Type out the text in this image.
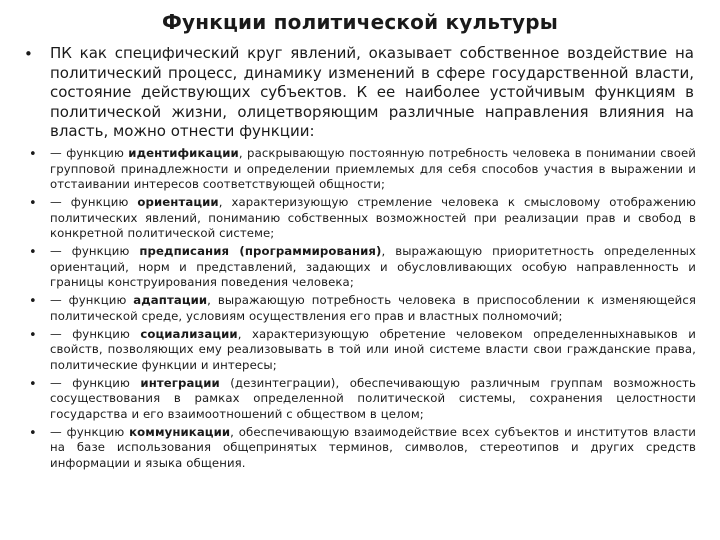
Функции политической культуры
•	ПК как специфический круг явлений, оказывает собственное воздействие на политический процесс, динамику изменений в сфере государственной власти, состояние действующих субъектов. К ее наиболее устойчивым функциям в политической жизни, олицетворяющим различные направления влияния на власть, можно отнести функции:
•	— функцию идентификации, раскрывающую постоянную потребность человека в понимании своей групповой принадлежности и определении приемлемых для себя способов участия в выражении и отстаивании интересов соответствующей общности;
•	— функцию ориентации, характеризующую стремление человека к смысловому отображению политических явлений, пониманию собственных возможностей при реализации прав и свобод в конкретной политической системе;
•	— функцию предписания (программирования), выражающую приоритетность определенных ориентаций, норм и представлений, задающих и обусловливающих особую направленность и границы конструирования поведения человека;
•	— функцию адаптации, выражающую потребность человека в приспособлении к изменяющейся политической среде, условиям осуществления его прав и властных полномочий;
•	— функцию социализации, характеризующую обретение человеком определенныхнавыков и свойств, позволяющих ему реализовывать в той или иной системе власти свои гражданские права, политические функции и интересы;
•	— функцию интеграции (дезинтеграции), обеспечивающую различным группам возможность сосуществования в рамках определенной политической системы, сохранения целостности государства и его взаимоотношений с обществом в целом;
•	— функцию коммуникации, обеспечивающую взаимодействие всех субъектов и институтов власти на базе использования общепринятых терминов, символов, стереотипов и других средств информации и языка общения.
